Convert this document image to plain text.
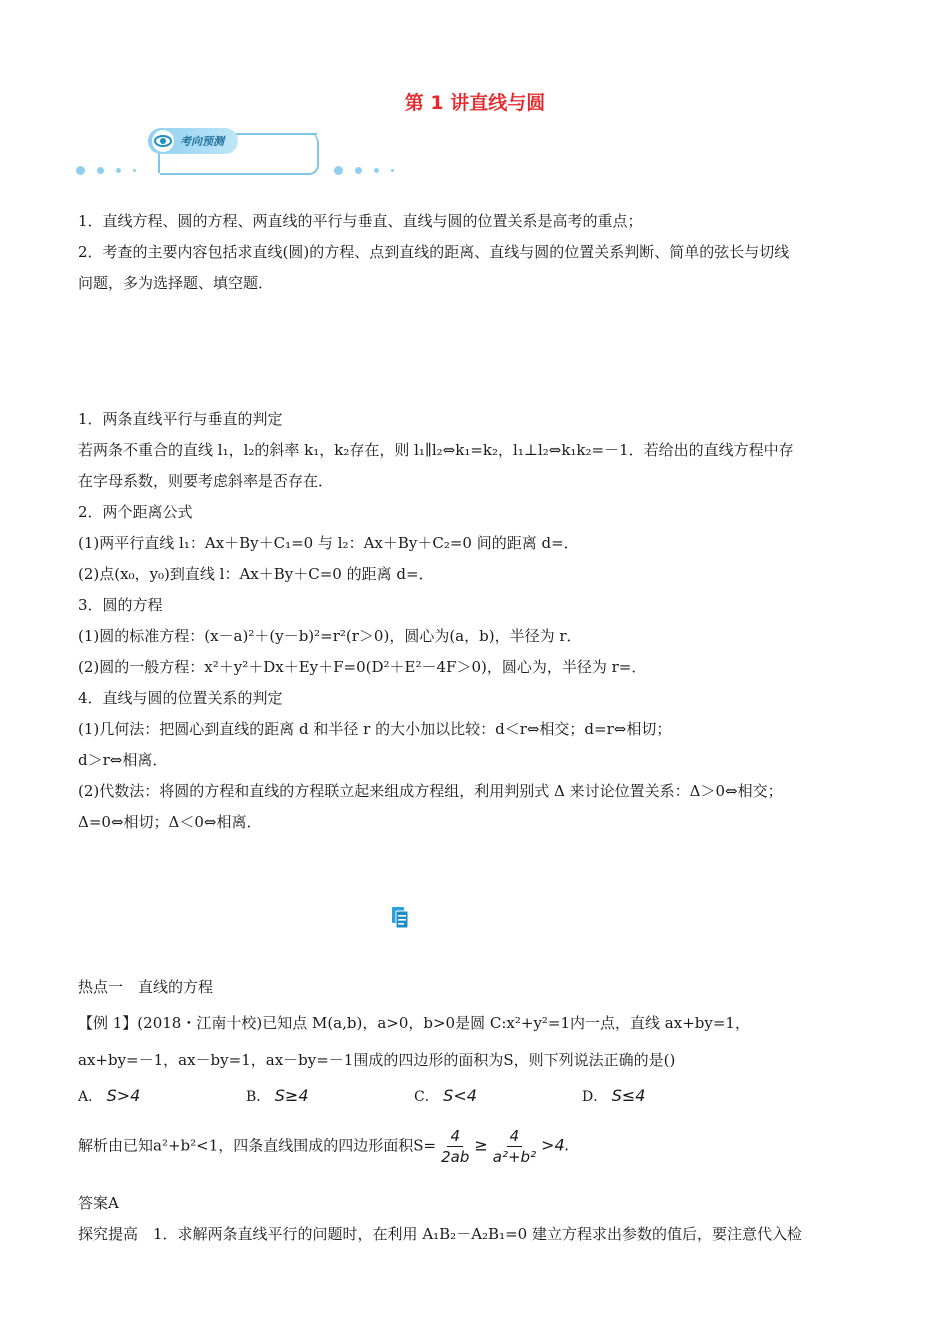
第 1 讲直线与圆
考向预测
1．直线方程、圆的方程、两直线的平行与垂直、直线与圆的位置关系是高考的重点；
2．考查的主要内容包括求直线(圆)的方程、点到直线的距离、直线与圆的位置关系判断、简单的弦长与切线
问题，多为选择题、填空题．
1．两条直线平行与垂直的判定
若两条不重合的直线 l₁，l₂的斜率 k₁，k₂存在，则 l₁∥l₂⇔k₁=k₂，l₁⊥l₂⇔k₁k₂=－1．若给出的直线方程中存
在字母系数，则要考虑斜率是否存在．
2．两个距离公式
(1)两平行直线 l₁：Ax＋By＋C₁=0 与 l₂：Ax＋By＋C₂=0 间的距离 d=．
(2)点(x₀，y₀)到直线 l：Ax＋By＋C=0 的距离 d=．
3．圆的方程
(1)圆的标准方程：(x－a)²＋(y－b)²=r²(r＞0)，圆心为(a，b)，半径为 r．
(2)圆的一般方程：x²＋y²＋Dx＋Ey＋F=0(D²＋E²－4F＞0)，圆心为，半径为 r=．
4．直线与圆的位置关系的判定
(1)几何法：把圆心到直线的距离 d 和半径 r 的大小加以比较：d＜r⇔相交；d=r⇔相切；
d＞r⇔相离．
(2)代数法：将圆的方程和直线的方程联立起来组成方程组，利用判别式 Δ 来讨论位置关系：Δ＞0⇔相交；
Δ=0⇔相切；Δ＜0⇔相离．
热点一　直线的方程
【例 1】(2018・江南十校)已知点 M(a,b)，a>0，b>0是圆 C:x²+y²=1内一点，直线 ax+by=1，
ax+by=－1，ax－by=1，ax－by=－1围成的四边形的面积为S，则下列说法正确的是()
A． S>4	B． S≥4	C． S<4	D． S≤4
解析由已知a²+b²<1，四条直线围成的四边形面积$S= \frac{4}{2ab} \ge \frac{4}{\text{a²+b²}} >4$.
答案A
探究提高　1．求解两条直线平行的问题时，在利用 A₁B₂－A₂B₁=0 建立方程求出参数的值后，要注意代入检
